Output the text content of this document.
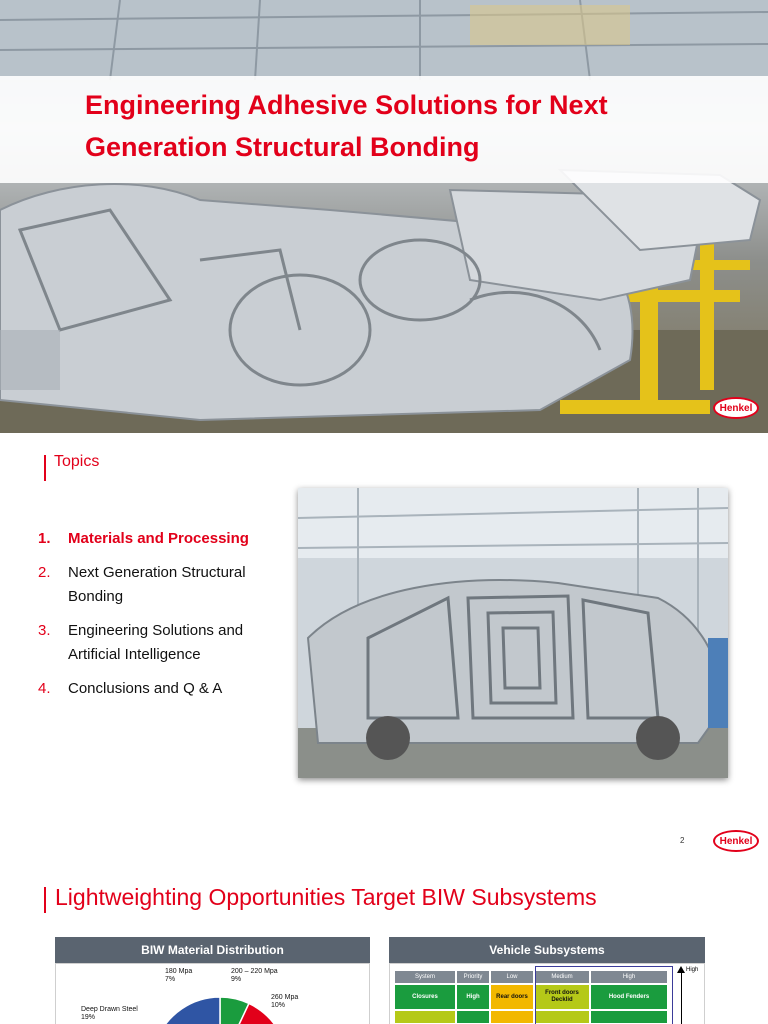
Engineering Adhesive Solutions for Next Generation Structural Bonding
Henkel
Topics
1.	Materials and Processing
2.	Next Generation Structural Bonding
3.	Engineering Solutions and Artificial Intelligence
4.	Conclusions and Q & A
2	Henkel
Lightweighting Opportunities Target BIW Subsystems
BIW Material Distribution
180 Mpa
7%
200 – 220 Mpa
9%
260 Mpa
10%
Deep Drawn Steel
19%
Vehicle Subsystems
System	Priority	Low	Medium	High
Closures	High	Rear doors	Front doors Decklid	Hood Fenders

High
